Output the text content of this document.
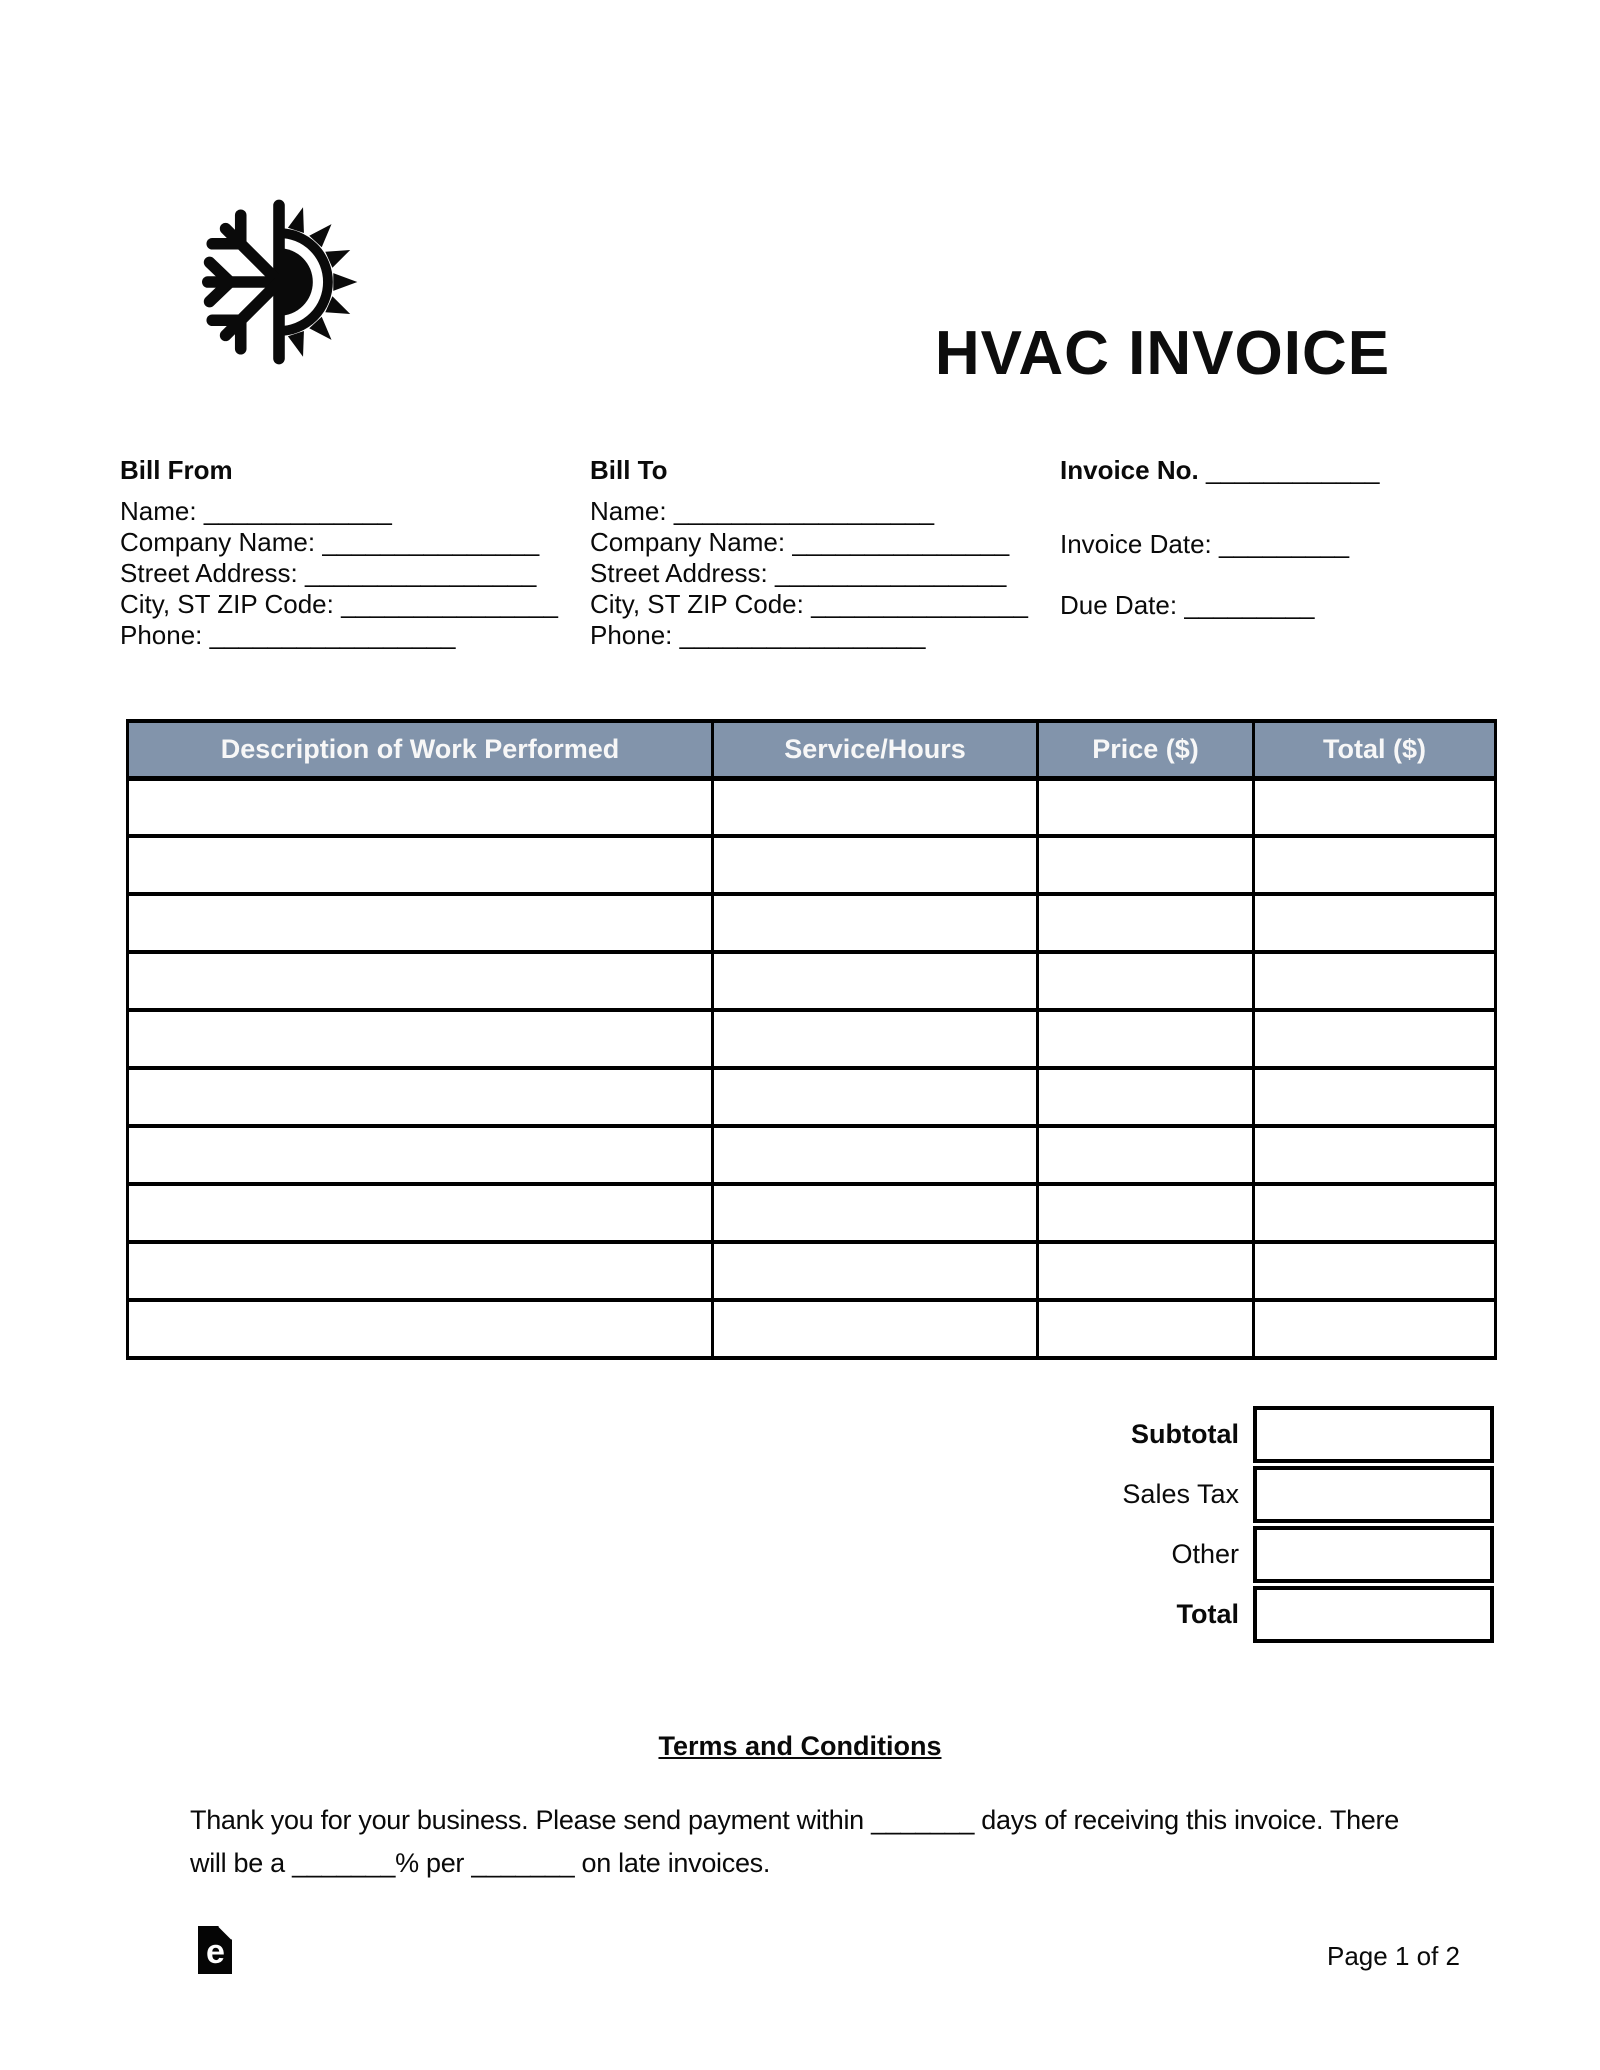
HVAC INVOICE
Bill From
Name: _____________
Company Name: _______________
Street Address: ________________
City, ST ZIP Code: _______________
Phone: _________________
Bill To
Name: __________________
Company Name: _______________
Street Address: ________________
City, ST ZIP Code: _______________
Phone: _________________
Invoice No. ____________
Invoice Date: _________
Due Date: _________
Description of Work Performed	Service/Hours	Price ($)	Total ($)

Subtotal
Sales Tax
Other
Total
Terms and Conditions
Thank you for your business. Please send payment within _______ days of receiving this invoice. There will be a _______% per _______ on late invoices.
e	Page 1 of 2
